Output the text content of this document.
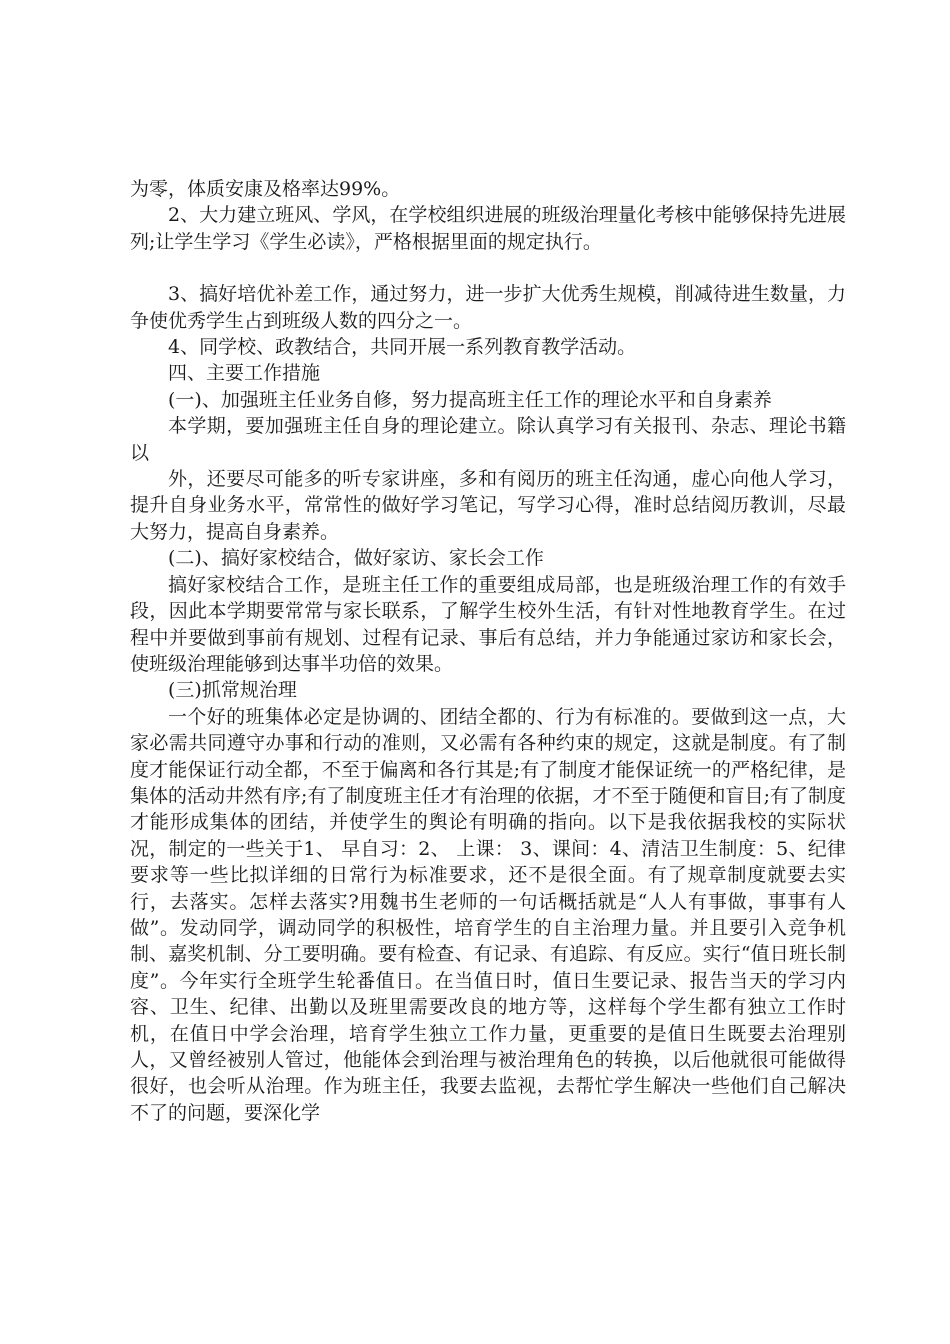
为零，体质安康及格率达99%。

2、大力建立班风、学风，在学校组织进展的班级治理量化考核中能够保持先进展列;让学生学习《学生必读》，严格根据里面的规定执行。

3、搞好培优补差工作，通过努力，进一步扩大优秀生规模，削减待进生数量，力争使优秀学生占到班级人数的四分之一。

4、同学校、政教结合，共同开展一系列教育教学活动。

四、主要工作措施

(一)、加强班主任业务自修，努力提高班主任工作的理论水平和自身素养

本学期，要加强班主任自身的理论建立。除认真学习有关报刊、杂志、理论书籍以

外，还要尽可能多的听专家讲座，多和有阅历的班主任沟通，虚心向他人学习，提升自身业务水平，常常性的做好学习笔记，写学习心得，准时总结阅历教训，尽最大努力，提高自身素养。

(二)、搞好家校结合，做好家访、家长会工作

搞好家校结合工作，是班主任工作的重要组成局部，也是班级治理工作的有效手段，因此本学期要常常与家长联系，了解学生校外生活，有针对性地教育学生。在过程中并要做到事前有规划、过程有记录、事后有总结，并力争能通过家访和家长会，使班级治理能够到达事半功倍的效果。

(三)抓常规治理

一个好的班集体必定是协调的、团结全都的、行为有标准的。要做到这一点，大家必需共同遵守办事和行动的准则，又必需有各种约束的规定，这就是制度。有了制度才能保证行动全都，不至于偏离和各行其是;有了制度才能保证统一的严格纪律，是集体的活动井然有序;有了制度班主任才有治理的依据，才不至于随便和盲目;有了制度才能形成集体的团结，并使学生的舆论有明确的指向。以下是我依据我校的实际状况，制定的一些关于1、 早自习：2、 上课： 3、课间：4、清洁卫生制度：5、纪律要求等一些比拟详细的日常行为标准要求，还不是很全面。有了规章制度就要去实行，去落实。怎样去落实?用魏书生老师的一句话概括就是“人人有事做，事事有人做”。发动同学，调动同学的积极性，培育学生的自主治理力量。并且要引入竞争机制、嘉奖机制、分工要明确。要有检查、有记录、有追踪、有反应。实行“值日班长制度”。今年实行全班学生轮番值日。在当值日时，值日生要记录、报告当天的学习内容、卫生、纪律、出勤以及班里需要改良的地方等，这样每个学生都有独立工作时机，在值日中学会治理，培育学生独立工作力量，更重要的是值日生既要去治理别人，又曾经被别人管过，他能体会到治理与被治理角色的转换，以后他就很可能做得很好，也会听从治理。作为班主任，我要去监视，去帮忙学生解决一些他们自己解决不了的问题，要深化学
